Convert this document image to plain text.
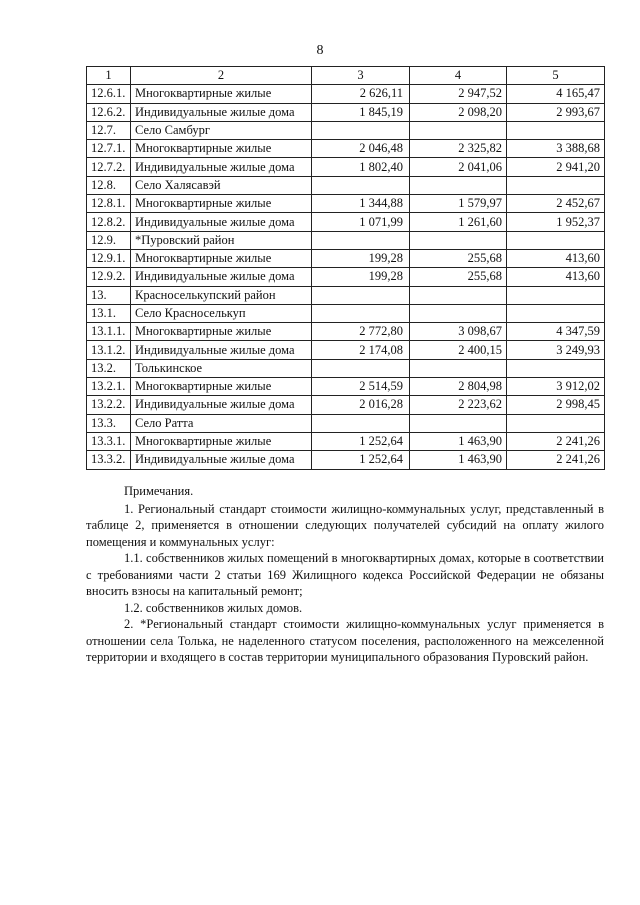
8
1	2	3	4	5
12.6.1.	Многоквартирные жилые	2 626,11	2 947,52	4 165,47
12.6.2.	Индивидуальные жилые дома	1 845,19	2 098,20	2 993,67
12.7.	Село Самбург			
12.7.1.	Многоквартирные жилые	2 046,48	2 325,82	3 388,68
12.7.2.	Индивидуальные жилые дома	1 802,40	2 041,06	2 941,20
12.8.	Село Халясавэй			
12.8.1.	Многоквартирные жилые	1 344,88	1 579,97	2 452,67
12.8.2.	Индивидуальные жилые дома	1 071,99	1 261,60	1 952,37
12.9.	*Пуровский район			
12.9.1.	Многоквартирные жилые	199,28	255,68	413,60
12.9.2.	Индивидуальные жилые дома	199,28	255,68	413,60
13.	Красноселькупский район			
13.1.	Село Красноселькуп			
13.1.1.	Многоквартирные жилые	2 772,80	3 098,67	4 347,59
13.1.2.	Индивидуальные жилые дома	2 174,08	2 400,15	3 249,93
13.2.	Толькинское			
13.2.1.	Многоквартирные жилые	2 514,59	2 804,98	3 912,02
13.2.2.	Индивидуальные жилые дома	2 016,28	2 223,62	2 998,45
13.3.	Село Ратта			
13.3.1.	Многоквартирные жилые	1 252,64	1 463,90	2 241,26
13.3.2.	Индивидуальные жилые дома	1 252,64	1 463,90	2 241,26

Примечания.

1. Региональный стандарт стоимости жилищно-коммунальных услуг, представленный в таблице 2, применяется в отношении следующих получателей субсидий на оплату жилого помещения и коммунальных услуг:

1.1. собственников жилых помещений в многоквартирных домах, которые в соответствии с требованиями части 2 статьи 169 Жилищного кодекса Российской Федерации не обязаны вносить взносы на капитальный ремонт;

1.2. собственников жилых домов.

2. *Региональный стандарт стоимости жилищно-коммунальных услуг применяется в отношении села Толька, не наделенного статусом поселения, расположенного на межселенной территории и входящего в состав территории муниципального образования Пуровский район.
